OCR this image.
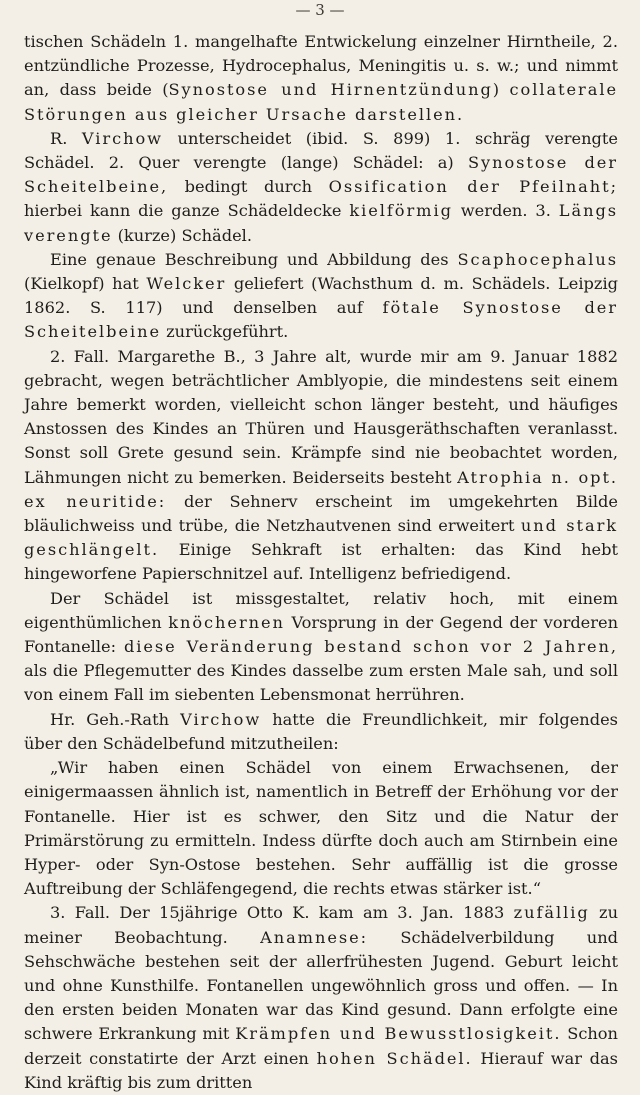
— 3 —

tischen Schädeln 1. mangelhafte Entwickelung einzelner Hirntheile, 2. entzündliche Prozesse, Hydrocephalus, Meningitis u. s. w.; und nimmt an, dass beide (Synostose und Hirnentzündung) collaterale Störungen aus gleicher Ursache darstellen.

R. Virchow unterscheidet (ibid. S. 899) 1. schräg verengte Schädel. 2. Quer verengte (lange) Schädel: a) Synostose der Scheitelbeine, bedingt durch Ossification der Pfeilnaht; hierbei kann die ganze Schädeldecke kielförmig werden. 3. Längs verengte (kurze) Schädel.

Eine genaue Beschreibung und Abbildung des Scaphocephalus (Kielkopf) hat Welcker geliefert (Wachsthum d. m. Schädels. Leipzig 1862. S. 117) und denselben auf fötale Synostose der Scheitelbeine zurückgeführt.

2. Fall. Margarethe B., 3 Jahre alt, wurde mir am 9. Januar 1882 gebracht, wegen beträchtlicher Amblyopie, die mindestens seit einem Jahre bemerkt worden, vielleicht schon länger besteht, und häufiges Anstossen des Kindes an Thüren und Hausgeräthschaften veranlasst. Sonst soll Grete gesund sein. Krämpfe sind nie beobachtet worden, Lähmungen nicht zu bemerken. Beiderseits besteht Atrophia n. opt. ex neuritide: der Sehnerv erscheint im umgekehrten Bilde bläulichweiss und trübe, die Netzhautvenen sind erweitert und stark geschlängelt. Einige Sehkraft ist erhalten: das Kind hebt hingeworfene Papierschnitzel auf. Intelligenz befriedigend.

Der Schädel ist missgestaltet, relativ hoch, mit einem eigenthümlichen knöchernen Vorsprung in der Gegend der vorderen Fontanelle: diese Veränderung bestand schon vor 2 Jahren, als die Pflegemutter des Kindes dasselbe zum ersten Male sah, und soll von einem Fall im siebenten Lebensmonat herrühren.

Hr. Geh.-Rath Virchow hatte die Freundlichkeit, mir folgendes über den Schädelbefund mitzutheilen:

„Wir haben einen Schädel von einem Erwachsenen, der einigermaassen ähnlich ist, namentlich in Betreff der Erhöhung vor der Fontanelle. Hier ist es schwer, den Sitz und die Natur der Primärstörung zu ermitteln. Indess dürfte doch auch am Stirnbein eine Hyper- oder Syn-Ostose bestehen. Sehr auffällig ist die grosse Auftreibung der Schläfengegend, die rechts etwas stärker ist.“

3. Fall. Der 15jährige Otto K. kam am 3. Jan. 1883 zufällig zu meiner Beobachtung. Anamnese: Schädelverbildung und Sehschwäche bestehen seit der allerfrühesten Jugend. Geburt leicht und ohne Kunsthilfe. Fontanellen ungewöhnlich gross und offen. — In den ersten beiden Monaten war das Kind gesund. Dann erfolgte eine schwere Erkrankung mit Krämpfen und Bewusstlosigkeit. Schon derzeit constatirte der Arzt einen hohen Schädel. Hierauf war das Kind kräftig bis zum dritten
